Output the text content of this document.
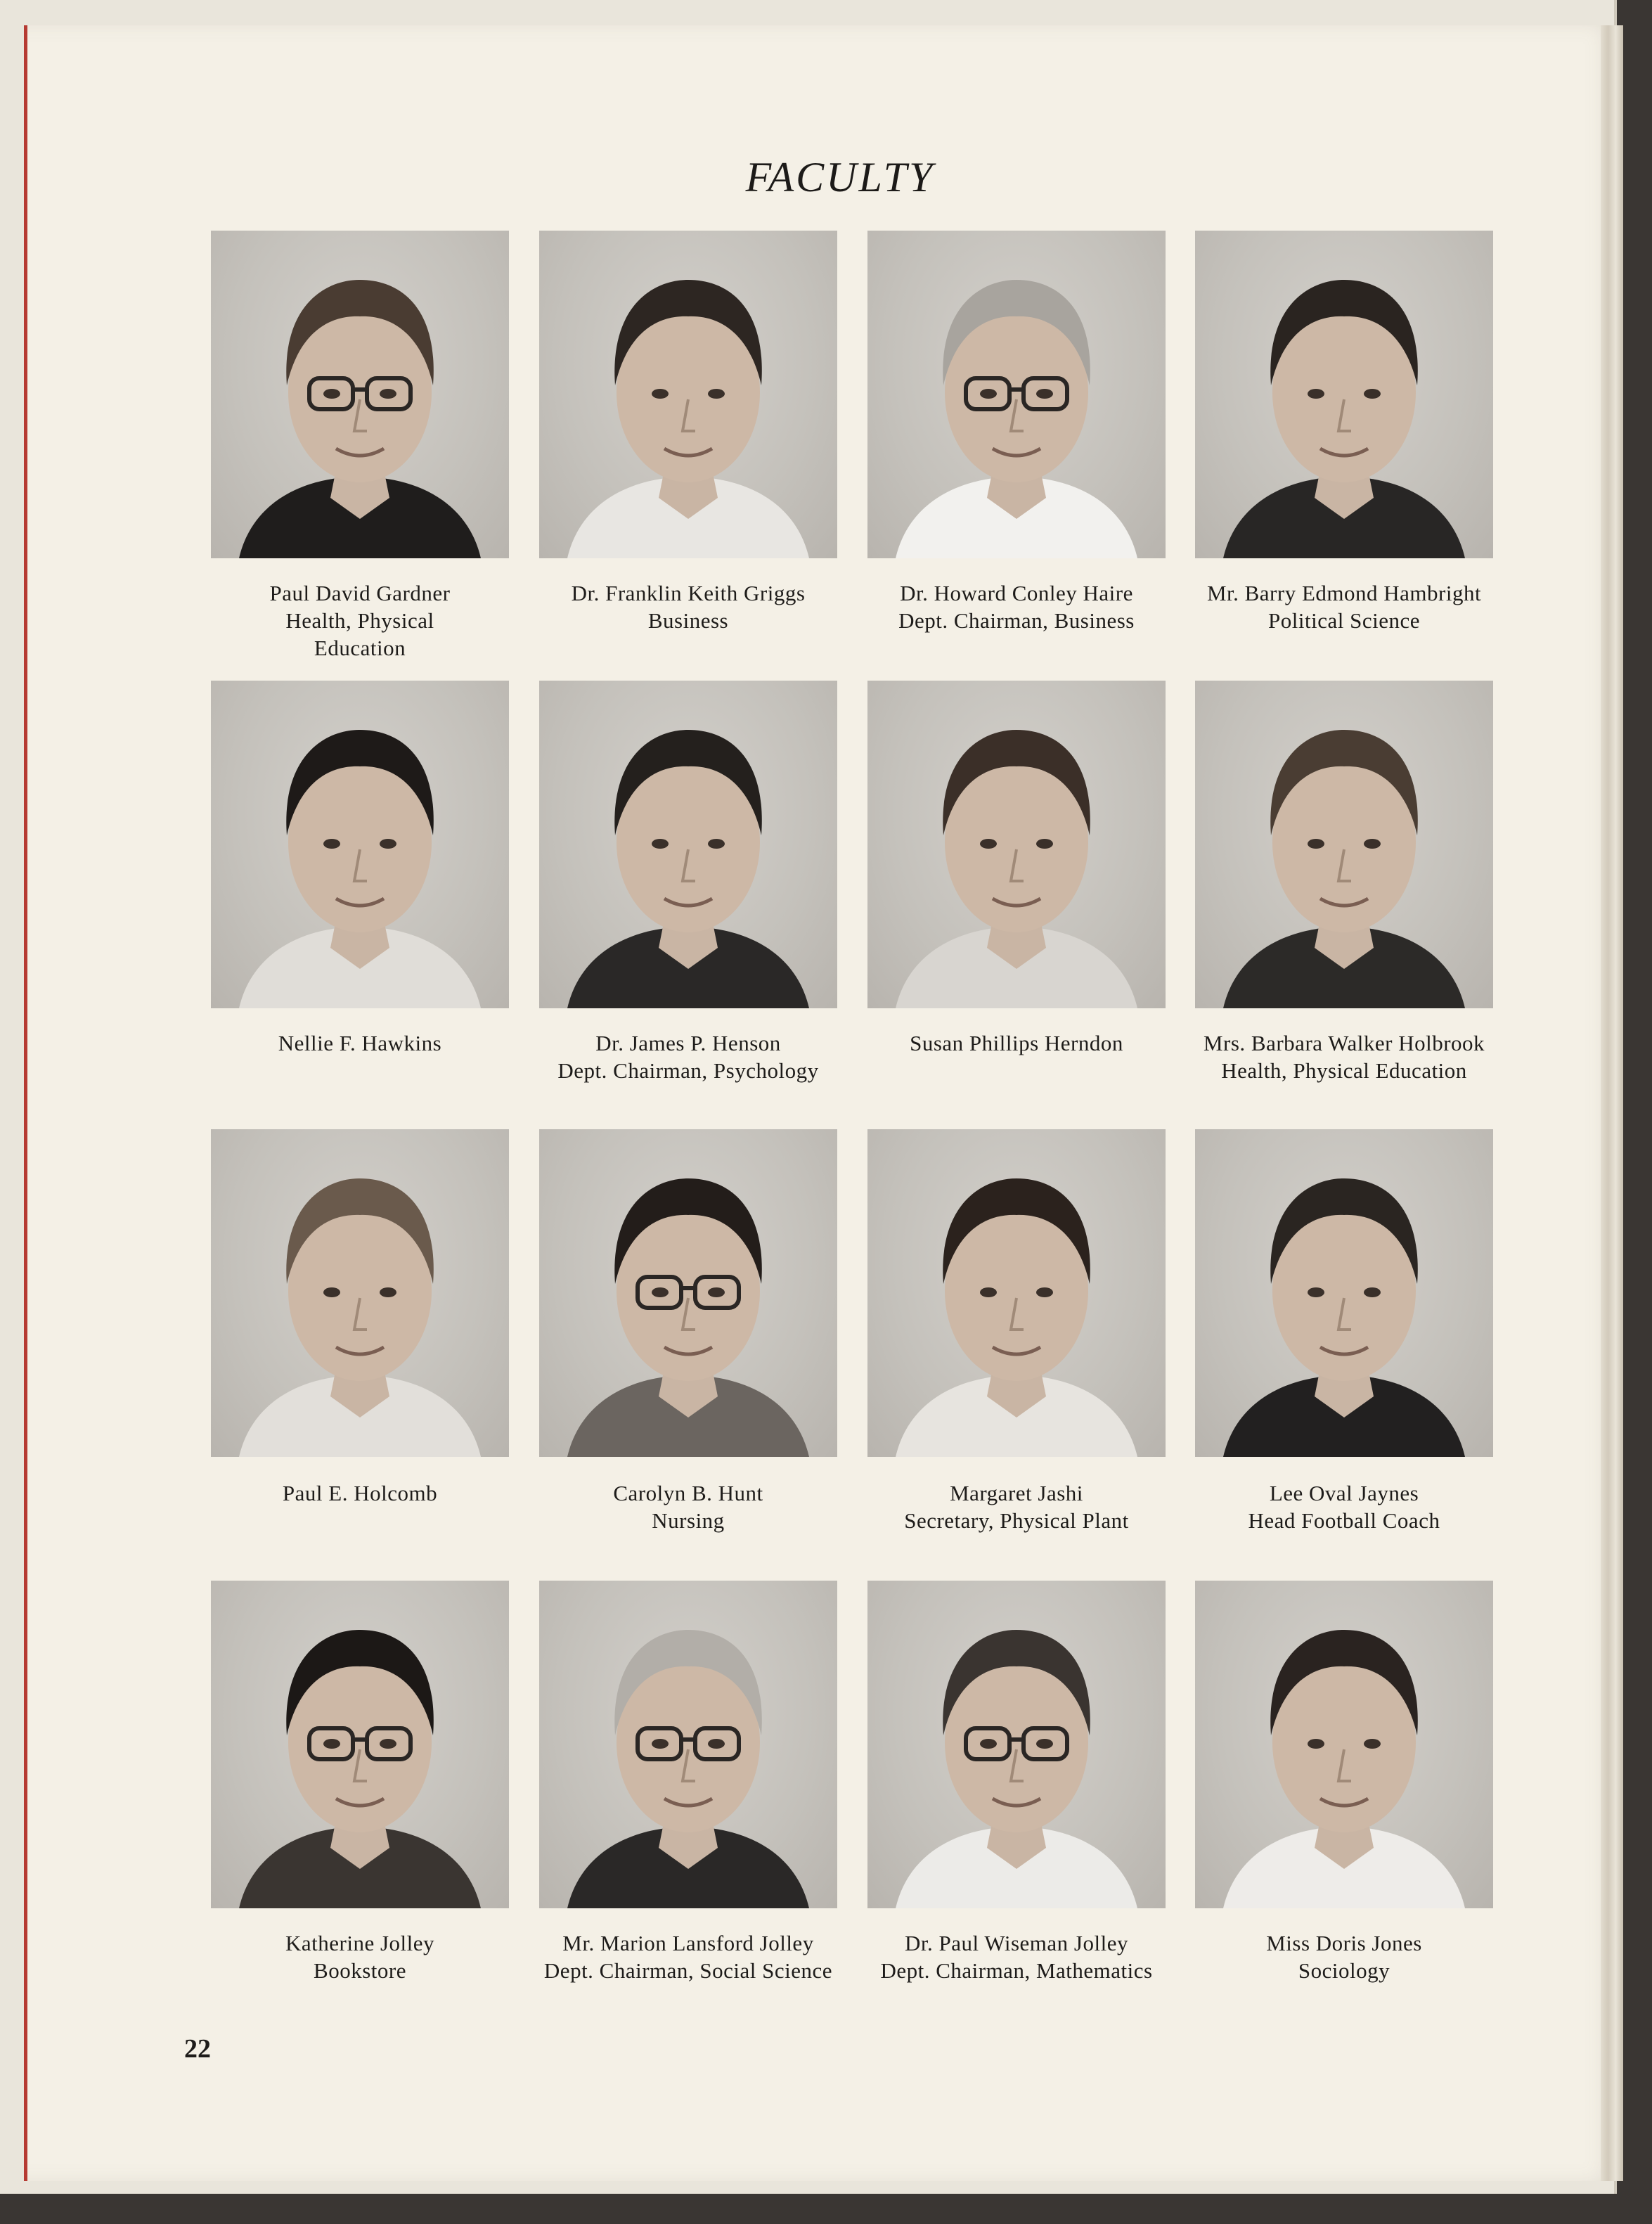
FACULTY
Paul David Gardner
Health, Physical
Education
Dr. Franklin Keith Griggs
Business
Dr. Howard Conley Haire
Dept. Chairman, Business
Mr. Barry Edmond Hambright
Political Science
Nellie F. Hawkins	Dr. James P. Henson
Dept. Chairman, Psychology
Susan Phillips Herndon	Mrs. Barbara Walker Holbrook
Health, Physical Education
Paul E. Holcomb	Carolyn B. Hunt
Nursing
Margaret Jashi
Secretary, Physical Plant
Lee Oval Jaynes
Head Football Coach
Katherine Jolley
Bookstore
Mr. Marion Lansford Jolley
Dept. Chairman, Social Science
Dr. Paul Wiseman Jolley
Dept. Chairman, Mathematics
Miss Doris Jones
Sociology
22
